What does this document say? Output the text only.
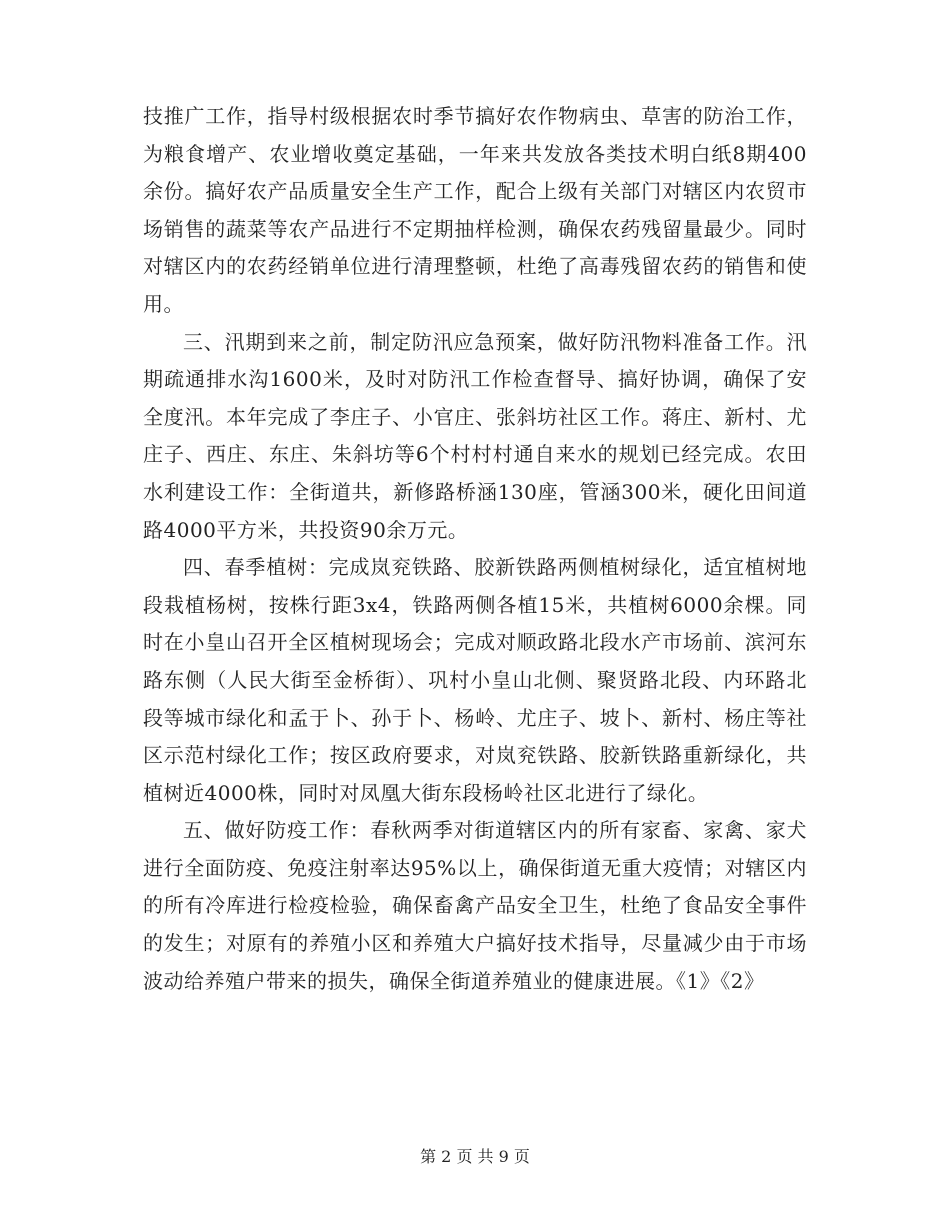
技推广工作，指导村级根据农时季节搞好农作物病虫、草害的防治工作，为粮食增产、农业增收奠定基础，一年来共发放各类技术明白纸8期400余份。搞好农产品质量安全生产工作，配合上级有关部门对辖区内农贸市场销售的蔬菜等农产品进行不定期抽样检测，确保农药残留量最少。同时对辖区内的农药经销单位进行清理整顿，杜绝了高毒残留农药的销售和使用。

三、汛期到来之前，制定防汛应急预案，做好防汛物料准备工作。汛期疏通排水沟1600米，及时对防汛工作检查督导、搞好协调，确保了安全度汛。本年完成了李庄子、小官庄、张斜坊社区工作。蒋庄、新村、尤庄子、西庄、东庄、朱斜坊等6个村村村通自来水的规划已经完成。农田水利建设工作：全街道共，新修路桥涵130座，管涵300米，硬化田间道路4000平方米，共投资90余万元。

四、春季植树：完成岚兖铁路、胶新铁路两侧植树绿化，适宜植树地段栽植杨树，按株行距3x4，铁路两侧各植15米，共植树6000余棵。同时在小皇山召开全区植树现场会；完成对顺政路北段水产市场前、滨河东路东侧（人民大街至金桥街）、巩村小皇山北侧、聚贤路北段、内环路北段等城市绿化和孟于卜、孙于卜、杨岭、尤庄子、坡卜、新村、杨庄等社区示范村绿化工作；按区政府要求，对岚兖铁路、胶新铁路重新绿化，共植树近4000株，同时对凤凰大街东段杨岭社区北进行了绿化。

五、做好防疫工作：春秋两季对街道辖区内的所有家畜、家禽、家犬进行全面防疫、免疫注射率达95%以上，确保街道无重大疫情；对辖区内的所有冷库进行检疫检验，确保畜禽产品安全卫生，杜绝了食品安全事件的发生；对原有的养殖小区和养殖大户搞好技术指导，尽量减少由于市场波动给养殖户带来的损失，确保全街道养殖业的健康进展。《1》《2》

第 2 页 共 9 页
